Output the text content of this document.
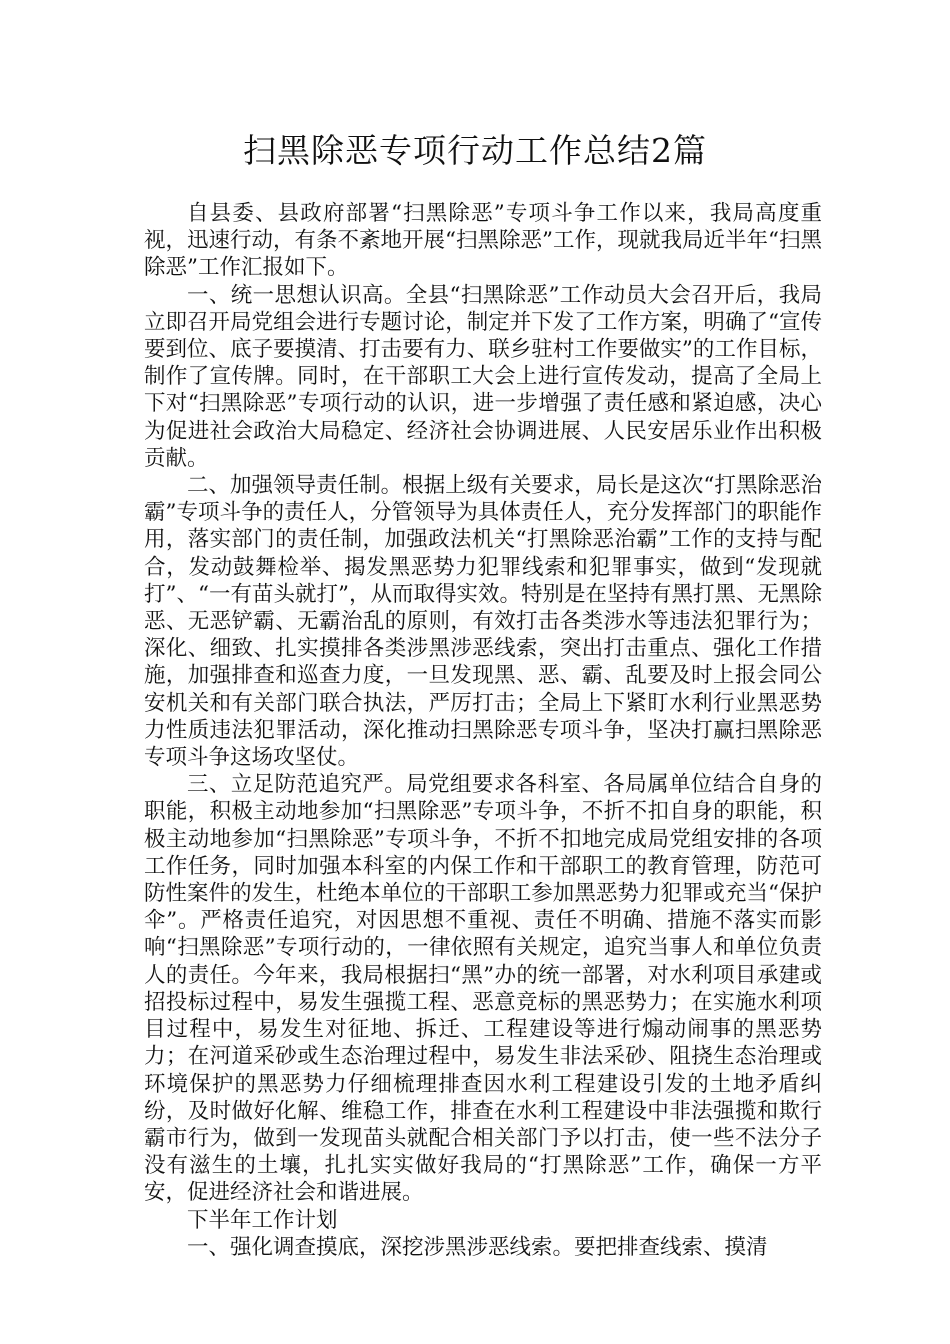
扫黑除恶专项行动工作总结2篇

自县委、县政府部署“扫黑除恶”专项斗争工作以来，我局高度重视，迅速行动，有条不紊地开展“扫黑除恶”工作，现就我局近半年“扫黑除恶”工作汇报如下。

一、统一思想认识高。全县“扫黑除恶”工作动员大会召开后，我局立即召开局党组会进行专题讨论，制定并下发了工作方案，明确了“宣传要到位、底子要摸清、打击要有力、联乡驻村工作要做实”的工作目标，制作了宣传牌。同时，在干部职工大会上进行宣传发动，提高了全局上下对“扫黑除恶”专项行动的认识，进一步增强了责任感和紧迫感，决心为促进社会政治大局稳定、经济社会协调进展、人民安居乐业作出积极贡献。

二、加强领导责任制。根据上级有关要求，局长是这次“打黑除恶治霸”专项斗争的责任人，分管领导为具体责任人，充分发挥部门的职能作用，落实部门的责任制，加强政法机关“打黑除恶治霸”工作的支持与配合，发动鼓舞检举、揭发黑恶势力犯罪线索和犯罪事实，做到“发现就打”、“一有苗头就打”，从而取得实效。特别是在坚持有黑打黑、无黑除恶、无恶铲霸、无霸治乱的原则，有效打击各类涉水等违法犯罪行为；深化、细致、扎实摸排各类涉黑涉恶线索，突出打击重点、强化工作措施，加强排查和巡查力度，一旦发现黑、恶、霸、乱要及时上报会同公安机关和有关部门联合执法，严厉打击；全局上下紧盯水利行业黑恶势力性质违法犯罪活动，深化推动扫黑除恶专项斗争，坚决打赢扫黑除恶专项斗争这场攻坚仗。

三、立足防范追究严。局党组要求各科室、各局属单位结合自身的职能，积极主动地参加“扫黑除恶”专项斗争，不折不扣自身的职能，积极主动地参加“扫黑除恶”专项斗争，不折不扣地完成局党组安排的各项工作任务，同时加强本科室的内保工作和干部职工的教育管理，防范可防性案件的发生，杜绝本单位的干部职工参加黑恶势力犯罪或充当“保护伞”。严格责任追究，对因思想不重视、责任不明确、措施不落实而影响“扫黑除恶”专项行动的，一律依照有关规定，追究当事人和单位负责人的责任。今年来，我局根据扫“黑”办的统一部署，对水利项目承建或招投标过程中，易发生强揽工程、恶意竞标的黑恶势力；在实施水利项目过程中，易发生对征地、拆迁、工程建设等进行煽动闹事的黑恶势力；在河道采砂或生态治理过程中，易发生非法采砂、阻挠生态治理或环境保护的黑恶势力仔细梳理排查因水利工程建设引发的土地矛盾纠纷，及时做好化解、维稳工作，排查在水利工程建设中非法强揽和欺行霸市行为，做到一发现苗头就配合相关部门予以打击，使一些不法分子没有滋生的土壤，扎扎实实做好我局的“打黑除恶”工作，确保一方平安，促进经济社会和谐进展。

下半年工作计划

一、强化调查摸底，深挖涉黑涉恶线索。要把排查线索、摸清
